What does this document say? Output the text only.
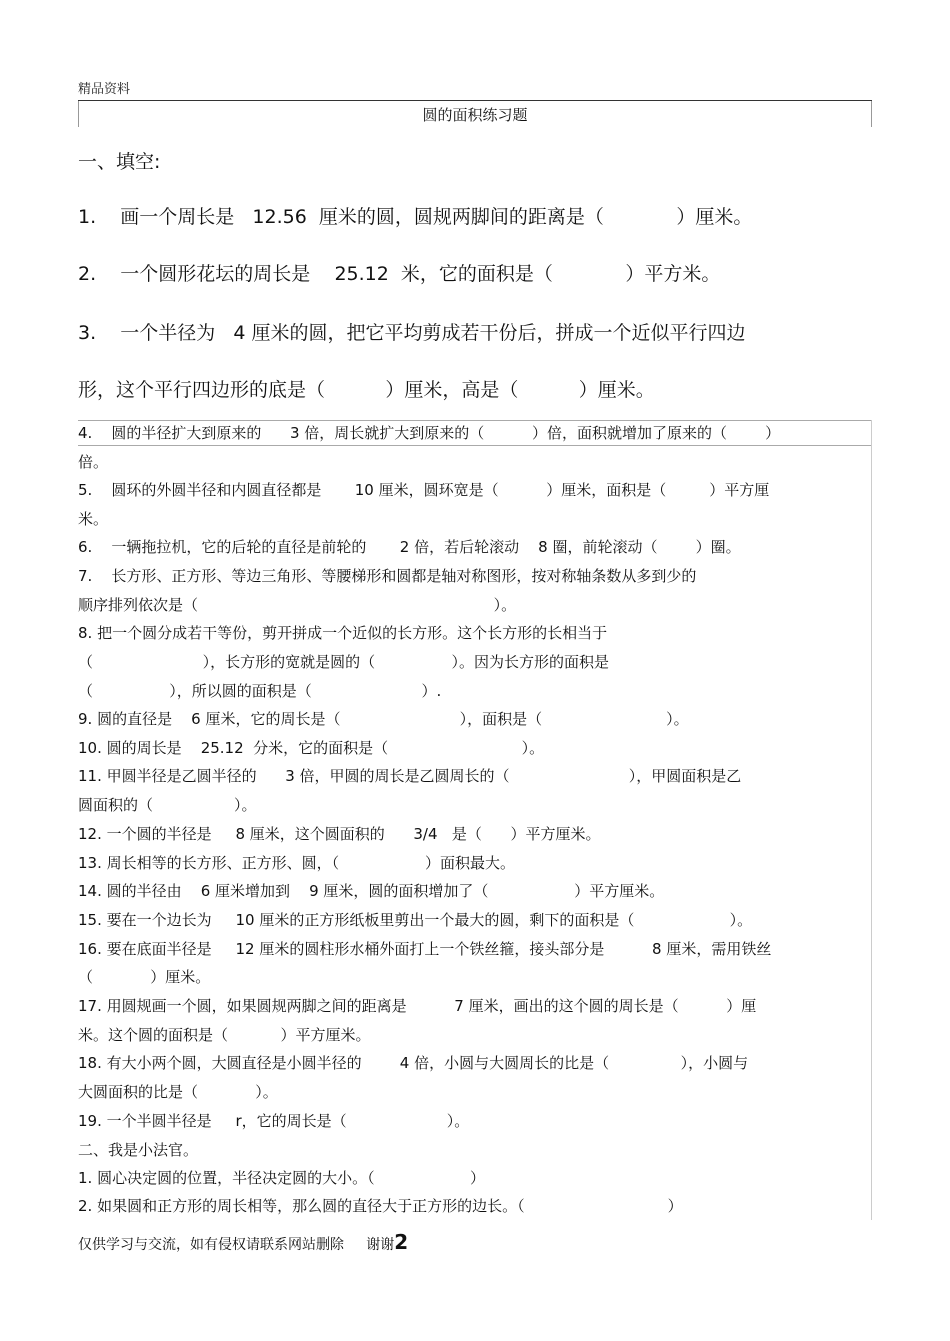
精品资料
圆的面积练习题
一、填空:
1.    画一个周长是   12.56  厘米的圆，圆规两脚间的距离是（            ）厘米。
2.    一个圆形花坛的周长是    25.12  米，它的面积是（            ）平方米。
3.    一个半径为   4 厘米的圆，把它平均剪成若干份后，拼成一个近似平行四边
形，这个平行四边形的底是（          ）厘米，高是（          ）厘米。
4.    圆的半径扩大到原来的      3 倍，周长就扩大到原来的（          ）倍，面积就增加了原来的（        ）
倍。
5.    圆环的外圆半径和内圆直径都是       10 厘米，圆环宽是（          ）厘米，面积是（         ）平方厘
米。
6.    一辆拖拉机，它的后轮的直径是前轮的       2 倍，若后轮滚动    8 圈，前轮滚动（        ）圈。
7.    长方形、正方形、等边三角形、等腰梯形和圆都是轴对称图形，按对称轴条数从多到少的
顺序排列依次是（                                                              ）。
8. 把一个圆分成若干等份，剪开拼成一个近似的长方形。这个长方形的长相当于
（                       ），长方形的宽就是圆的（                ）。因为长方形的面积是
（                ），所以圆的面积是（                       ）.
9. 圆的直径是    6 厘米，它的周长是（                         ），面积是（                          ）。
10. 圆的周长是    25.12  分米，它的面积是（                            ）。
11. 甲圆半径是乙圆半径的      3 倍，甲圆的周长是乙圆周长的（                         ），甲圆面积是乙
圆面积的（                 ）。
12. 一个圆的半径是     8 厘米，这个圆面积的      3/4   是（      ）平方厘米。
13. 周长相等的长方形、正方形、圆，（                  ）面积最大。
14. 圆的半径由    6 厘米增加到    9 厘米，圆的面积增加了（                  ）平方厘米。
15. 要在一个边长为     10 厘米的正方形纸板里剪出一个最大的圆，剩下的面积是（                    ）。
16. 要在底面半径是     12 厘米的圆柱形水桶外面打上一个铁丝箍，接头部分是          8 厘米，需用铁丝
（            ）厘米。
17. 用圆规画一个圆，如果圆规两脚之间的距离是          7 厘米，画出的这个圆的周长是（          ）厘
米。这个圆的面积是（           ）平方厘米。
18. 有大小两个圆，大圆直径是小圆半径的        4 倍，小圆与大圆周长的比是（               ），小圆与
大圆面积的比是（            ）。
19. 一个半圆半径是     r，它的周长是（                     ）。
二、我是小法官。
1. 圆心决定圆的位置，半径决定圆的大小。（                    ）
2. 如果圆和正方形的周长相等，那么圆的直径大于正方形的边长。（                              ）
仅供学习与交流，如有侵权请联系网站删除     谢谢2
